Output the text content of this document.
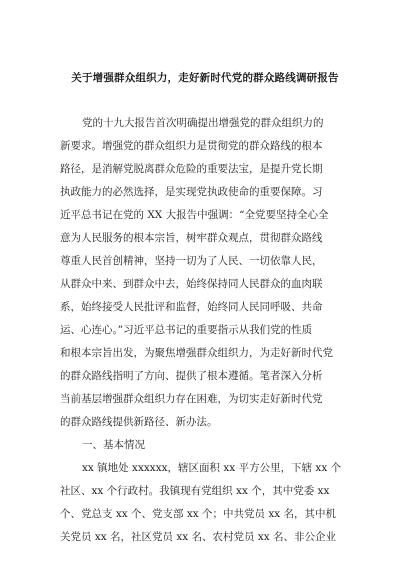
关于增强群众组织力，走好新时代党的群众路线调研报告
党的十九大报告首次明确提出增强党的群众组织力的
新要求。增强党的群众组织力是贯彻党的群众路线的根本
路径，是消解党脱离群众危险的重要法宝，是提升党长期
执政能力的必然选择，是实现党执政使命的重要保障。习
近平总书记在党的 XX 大报告中强调：“全党要坚持全心全
意为人民服务的根本宗旨，树牢群众观点，贯彻群众路线
尊重人民首创精神，坚持一切为了人民、一切依靠人民，
从群众中来、到群众中去，始终保持同人民群众的血肉联
系，始终接受人民批评和监督，始终同人民同呼吸、共命
运、心连心。”习近平总书记的重要指示从我们党的性质
和根本宗旨出发，为聚焦增强群众组织力，为走好新时代党
的群众路线指明了方向、提供了根本遵循。笔者深入分析
当前基层增强群众组织力存在困难，为切实走好新时代党
的群众路线提供新路径、新办法。
一、基本情况
xx 镇地处 xxxxxx，辖区面积 xx 平方公里，下辖 xx 个
社区、xx 个行政村。我镇现有党组织 xx 个，其中党委 xx
个、党总支 xx 个、党支部 xx 个；中共党员 xx 名，其中机
关党员 xx 名，社区党员 xx 名、农村党员 xx 名、非公企业
